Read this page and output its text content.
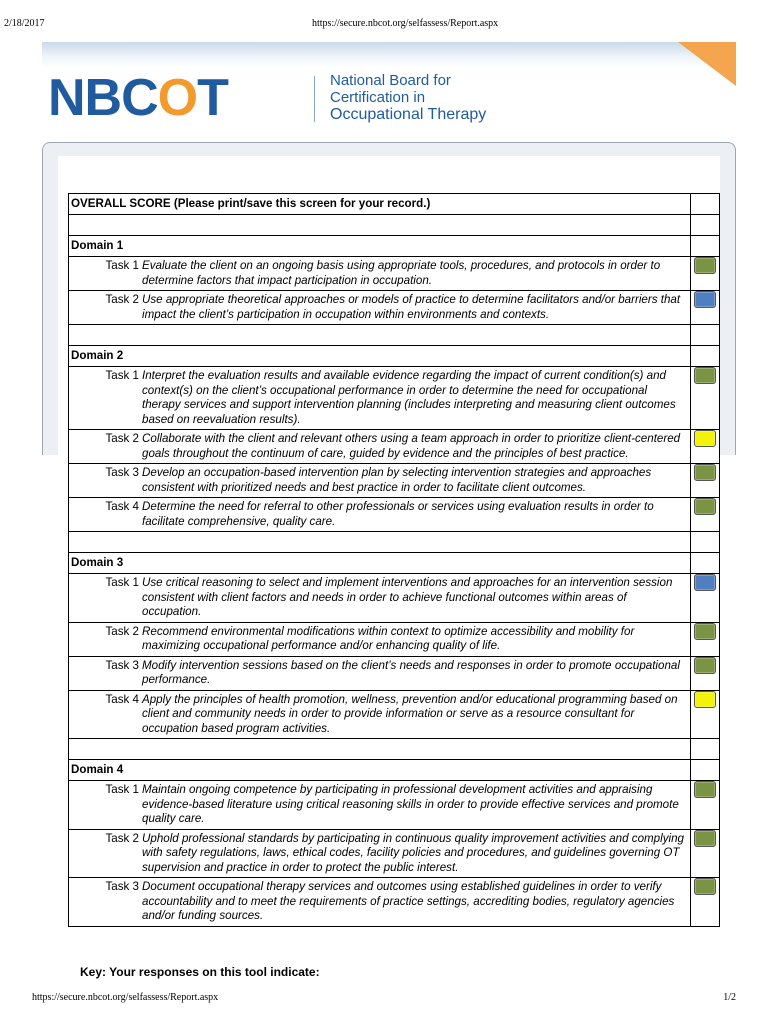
2/18/2017	https://secure.nbcot.org/selfassess/Report.aspx
NBCOT	National Board for
Certification in
Occupational Therapy
OVERALL SCORE (Please print/save this screen for your record.)	

Domain 1	

Task 1 Evaluate the client on an ongoing basis using appropriate tools, procedures, and protocols in order to determine factors that impact participation in occupation.	

Task 2 Use appropriate theoretical approaches or models of practice to determine facilitators and/or barriers that impact the client’s participation in occupation within environments and contexts.	

Domain 2	

Task 1 Interpret the evaluation results and available evidence regarding the impact of current condition(s) and context(s) on the client’s occupational performance in order to determine the need for occupational therapy services and support intervention planning (includes interpreting and measuring client outcomes based on reevaluation results).	

Task 2 Collaborate with the client and relevant others using a team approach in order to prioritize client-centered goals throughout the continuum of care, guided by evidence and the principles of best practice.	

Task 3 Develop an occupation-based intervention plan by selecting intervention strategies and approaches consistent with prioritized needs and best practice in order to facilitate client outcomes.	

Task 4 Determine the need for referral to other professionals or services using evaluation results in order to facilitate comprehensive, quality care.	

Domain 3	

Task 1 Use critical reasoning to select and implement interventions and approaches for an intervention session consistent with client factors and needs in order to achieve functional outcomes within areas of occupation.	

Task 2 Recommend environmental modifications within context to optimize accessibility and mobility for maximizing occupational performance and/or enhancing quality of life.	

Task 3 Modify intervention sessions based on the client’s needs and responses in order to promote occupational performance.	

Task 4 Apply the principles of health promotion, wellness, prevention and/or educational programming based on client and community needs in order to provide information or serve as a resource consultant for occupation based program activities.	

Domain 4	

Task 1 Maintain ongoing competence by participating in professional development activities and appraising evidence-based literature using critical reasoning skills in order to provide effective services and promote quality care.	

Task 2 Uphold professional standards by participating in continuous quality improvement activities and complying with safety regulations, laws, ethical codes, facility policies and procedures, and guidelines governing OT supervision and practice in order to protect the public interest.	

Task 3 Document occupational therapy services and outcomes using established guidelines in order to verify accountability and to meet the requirements of practice settings, accrediting bodies, regulatory agencies and/or funding sources.	

Key: Your responses on this tool indicate:
https://secure.nbcot.org/selfassess/Report.aspx	1/2
